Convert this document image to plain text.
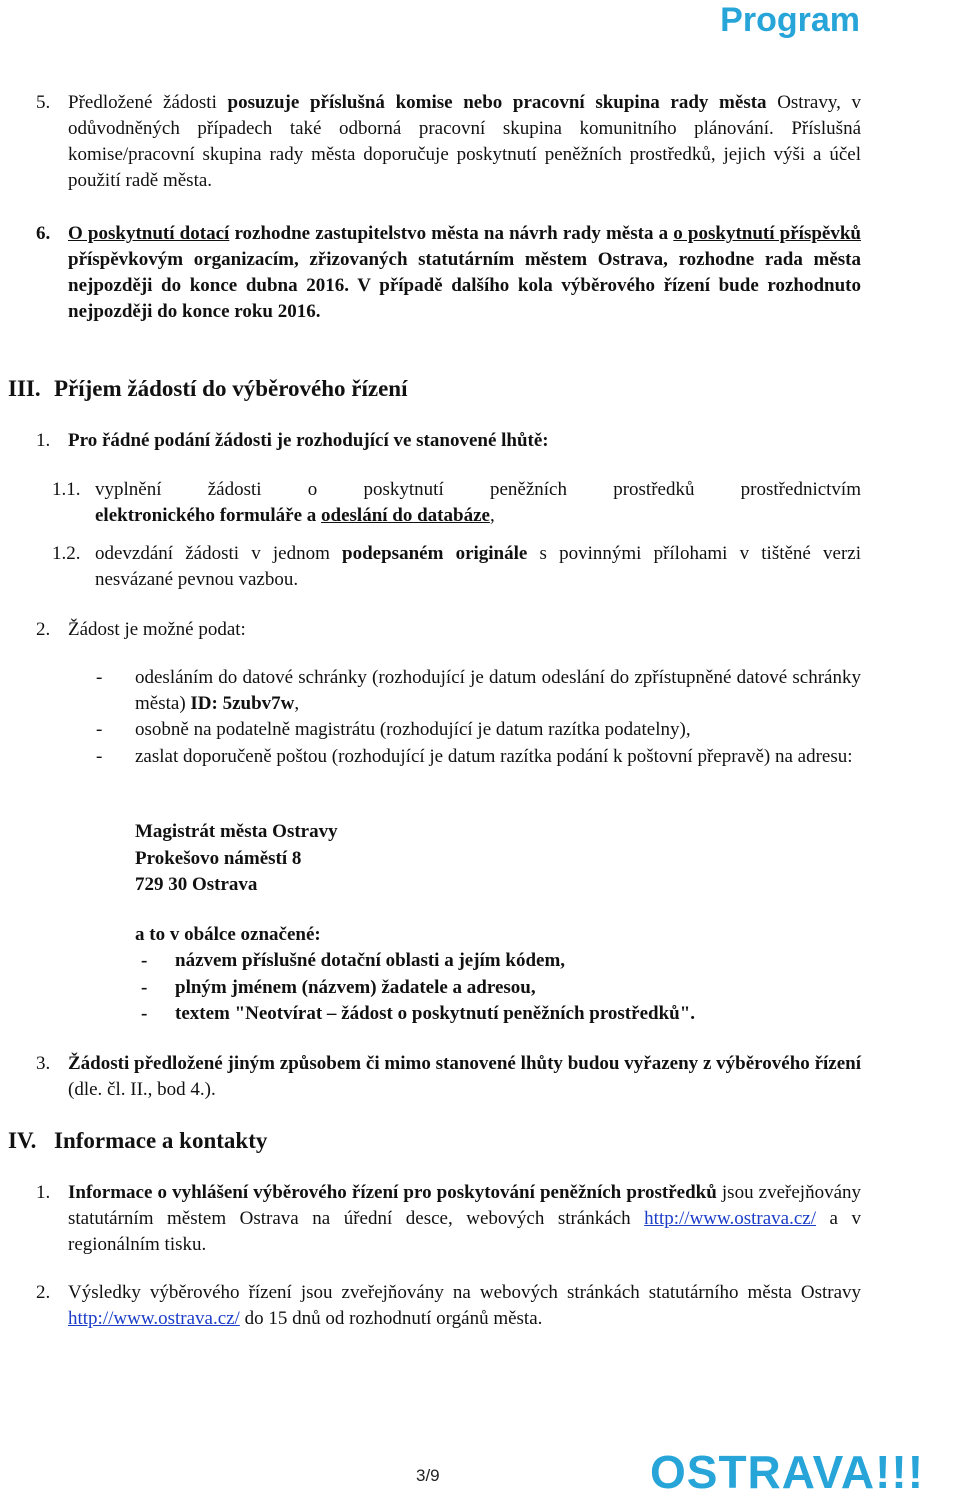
Program
5. Předložené žádosti posuzuje příslušná komise nebo pracovní skupina rady města Ostravy, v odůvodněných případech také odborná pracovní skupina komunitního plánování. Příslušná komise/pracovní skupina rady města doporučuje poskytnutí peněžních prostředků, jejich výši a účel použití radě města.
6. O poskytnutí dotací rozhodne zastupitelstvo města na návrh rady města a o poskytnutí příspěvků příspěvkovým organizacím, zřizovaných statutárním městem Ostrava, rozhodne rada města nejpozději do konce dubna 2016. V případě dalšího kola výběrového řízení bude rozhodnuto nejpozději do konce roku 2016.
III. Příjem žádostí do výběrového řízení
1. Pro řádné podání žádosti je rozhodující ve stanovené lhůtě:
1.1. vyplnění žádosti o poskytnutí peněžních prostředků prostřednictvím
elektronického formuláře a odeslání do databáze,
1.2. odevzdání žádosti v jednom podepsaném originále s povinnými přílohami v tištěné verzi nesvázané pevnou vazbou.
2. Žádost je možné podat:
- odesláním do datové schránky (rozhodující je datum odeslání do zpřístupněné datové schránky města) ID: 5zubv7w,
- osobně na podatelně magistrátu (rozhodující je datum razítka podatelny),
- zaslat doporučeně poštou (rozhodující je datum razítka podání k poštovní přepravě) na adresu:
Magistrát města Ostravy
Prokešovo náměstí 8
729 30 Ostrava
a to v obálce označené:
- názvem příslušné dotační oblasti a jejím kódem,
- plným jménem (názvem) žadatele a adresou,
- textem "Neotvírat – žádost o poskytnutí peněžních prostředků".
3. Žádosti předložené jiným způsobem či mimo stanovené lhůty budou vyřazeny z výběrového řízení (dle. čl. II., bod 4.).
IV. Informace a kontakty
1. Informace o vyhlášení výběrového řízení pro poskytování peněžních prostředků jsou zveřejňovány statutárním městem Ostrava na úřední desce, webových stránkách http://www.ostrava.cz/ a v regionálním tisku.
2. Výsledky výběrového řízení jsou zveřejňovány na webových stránkách statutárního města Ostravy http://www.ostrava.cz/ do 15 dnů od rozhodnutí orgánů města.
3/9	OSTRAVA!!!
